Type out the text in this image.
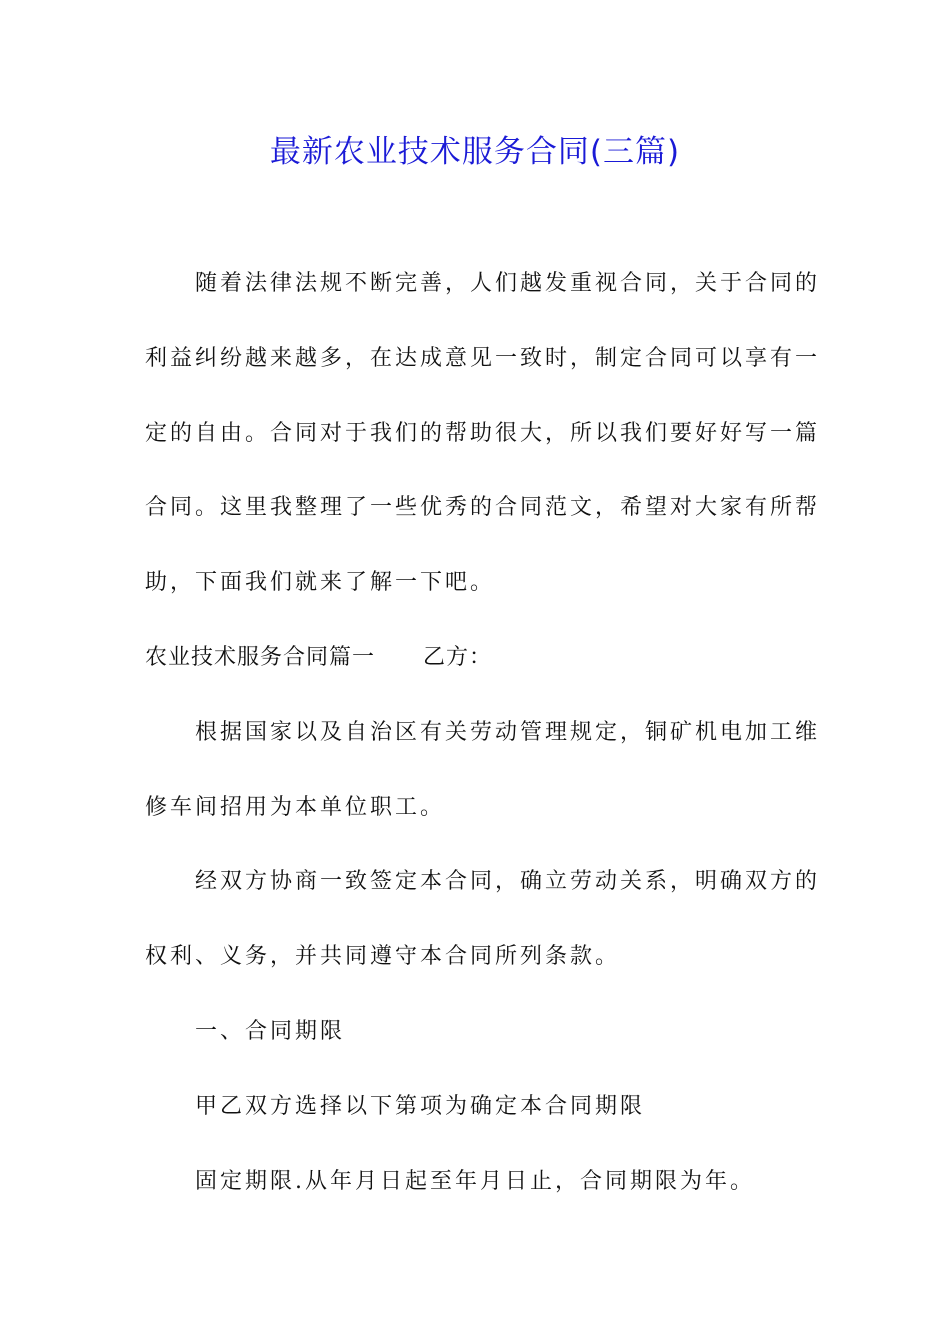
最新农业技术服务合同(三篇)

随着法律法规不断完善，人们越发重视合同，关于合同的
利益纠纷越来越多，在达成意见一致时，制定合同可以享有一
定的自由。合同对于我们的帮助很大，所以我们要好好写一篇
合同。这里我整理了一些优秀的合同范文，希望对大家有所帮
助，下面我们就来了解一下吧。

农业技术服务合同篇一 乙方：

根据国家以及自治区有关劳动管理规定，铜矿机电加工维
修车间招用为本单位职工。

经双方协商一致签定本合同，确立劳动关系，明确双方的
权利、义务，并共同遵守本合同所列条款。

一、合同期限

甲乙双方选择以下第项为确定本合同期限

固定期限.从年月日起至年月日止，合同期限为年。
